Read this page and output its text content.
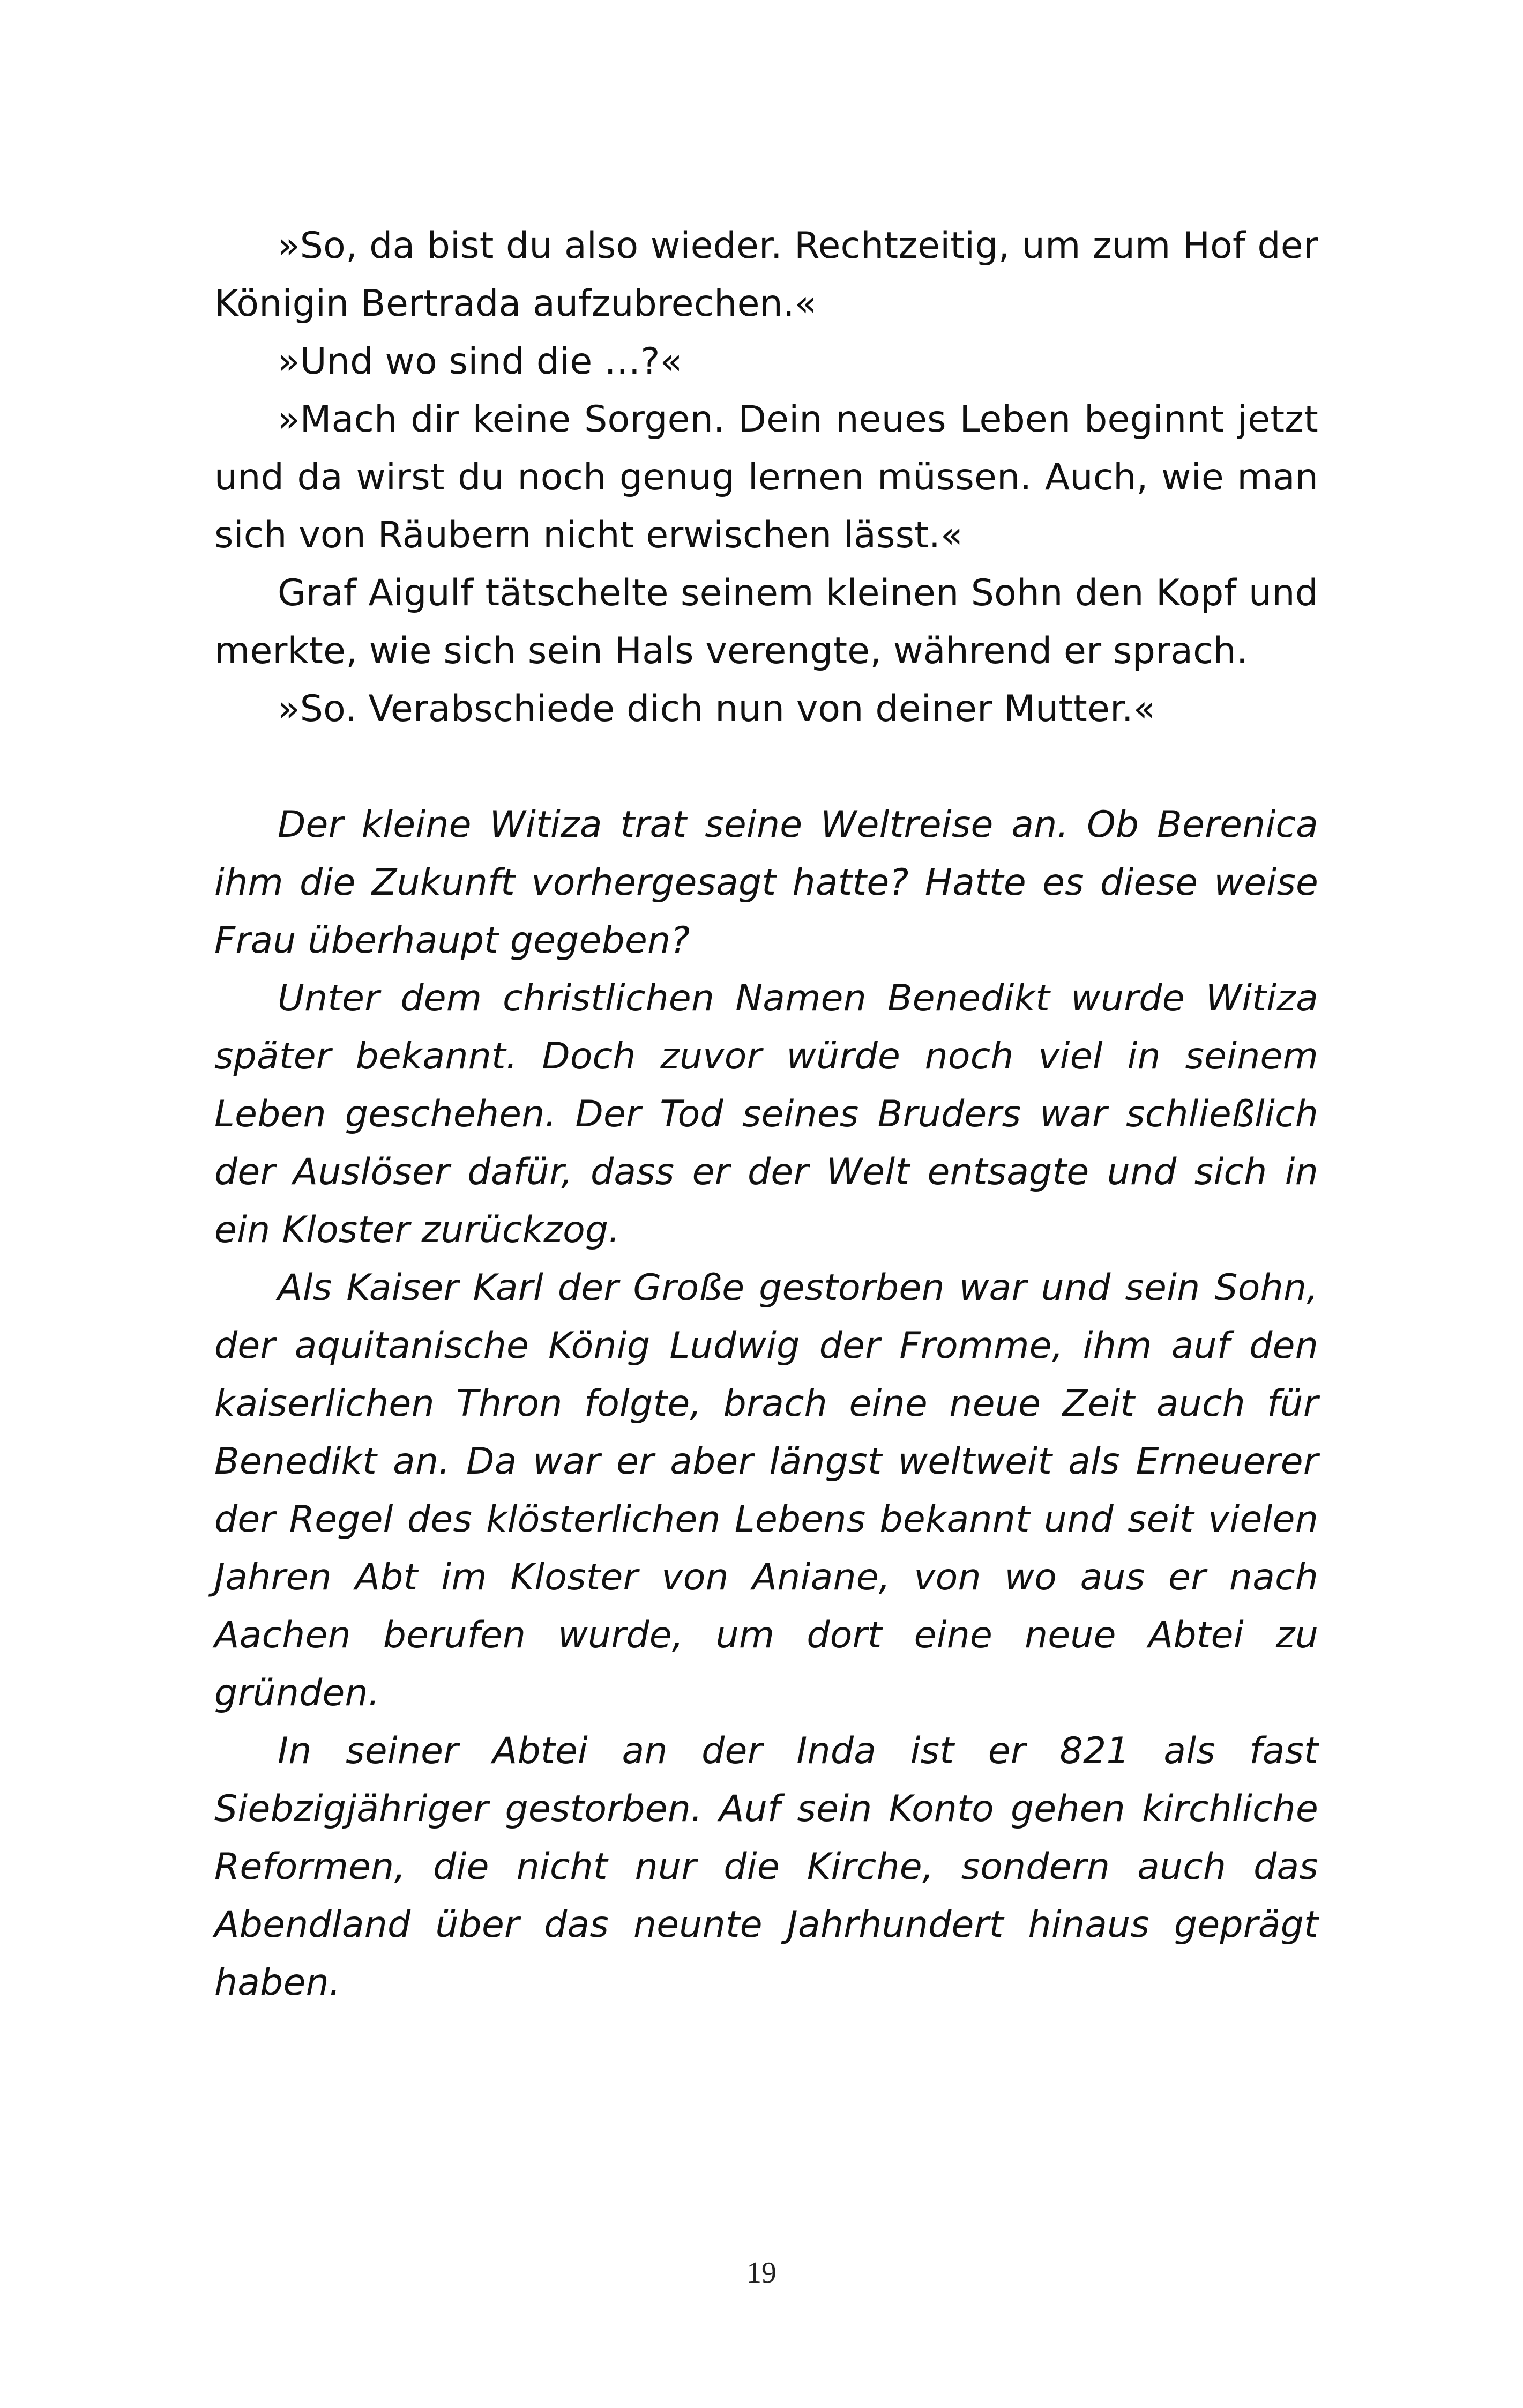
»So, da bist du also wieder. Rechtzeitig, um zum Hof der Königin Bertrada aufzubrechen.«

»Und wo sind die …?«

»Mach dir keine Sorgen. Dein neues Leben beginnt jetzt und da wirst du noch genug lernen müssen. Auch, wie man sich von Räubern nicht erwischen lässt.«

Graf Aigulf tätschelte seinem kleinen Sohn den Kopf und merkte, wie sich sein Hals verengte, während er sprach.

»So. Verabschiede dich nun von deiner Mutter.«

Der kleine Witiza trat seine Weltreise an. Ob Berenica ihm die Zukunft vorhergesagt hatte? Hatte es diese weise Frau überhaupt gegeben?

Unter dem christlichen Namen Benedikt wurde Witiza später bekannt. Doch zuvor würde noch viel in seinem Leben geschehen. Der Tod seines Bruders war schließlich der Auslöser dafür, dass er der Welt entsagte und sich in ein Kloster zurückzog.

Als Kaiser Karl der Große gestorben war und sein Sohn, der aquitanische König Ludwig der Fromme, ihm auf den kaiserlichen Thron folgte, brach eine neue Zeit auch für Benedikt an. Da war er aber längst weltweit als Erneuerer der Regel des klösterlichen Lebens bekannt und seit vielen Jahren Abt im Kloster von Aniane, von wo aus er nach Aachen berufen wurde, um dort eine neue Abtei zu gründen.

In seiner Abtei an der Inda ist er 821 als fast Siebzigjähriger gestorben. Auf sein Konto gehen kirchliche Reformen, die nicht nur die Kirche, sondern auch das Abendland über das neunte Jahrhundert hinaus geprägt haben.

19
